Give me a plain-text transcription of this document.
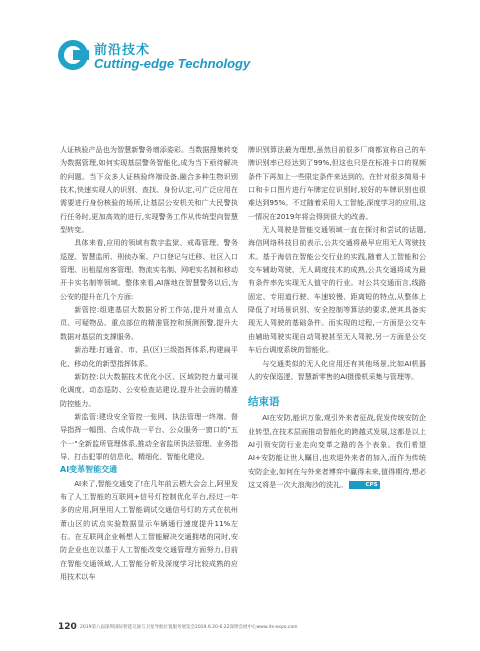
前沿技术
Cutting-edge Technology

人证核验产品也为智慧新警务增添姿彩。当数据搜集转变为数据管理,如何实现基层警务智能化,成为当下亟待解决的问题。当下众多人证核验终端设备,融合多种生物识别技术,快速实现人的识别、查找、身份认定,可广泛应用在需要进行身份核验的场所,让基层公安机关和广大民警执行任务时,更加高效的进行,实现警务工作从传统型向智慧型转变。

具体来看,应用的领域有数字监狱、戒毒管理、警务巡逻、智慧监所、刑侦办案、户口登记与迁移、社区入口管理、出租屋房客管理、物流实名制、网吧实名制和移动开卡实名制等领域。整体来看,AI落地在智慧警务以后,为公安的提升在几个方面:

新管控:组建基层大数据分析工作站,提升对重点人员、可疑物品、重点部位的精准管控和预测预警,提升大数据对基层的支撑服务。

新治理:打通省、市、县(区)三级指挥体系,构建扁平化、移动化的新型指挥体系。

新防控:以大数据技术优化小区、区域防控力量可视化调度、动态巡防、公安检查站建设,提升社会面的精准防控能力。

新监管:建设安全管控一张网、执法管理一终端、督导指挥一幅图、合成作战一平台、公众服务一窗口的"五个一"全新监所管理体系,推动全省监所执法管理、业务指导、打击犯罪的信息化、精细化、智能化建设。

AI变革智能交通

AI来了,智能交通变了!在几年前云栖大会会上,阿里发布了人工智能的互联网+信号灯控制优化平台,经过一年多的应用,阿里用人工智能调试交通信号灯的方式在杭州萧山区的试点实验数据显示车辆通行速度提升11%左右。在互联网企业畅想人工智能解决交通拥堵的同时,安防企业也在以基于人工智能改变交通管理方面努力,目前在智能交通领域,人工智能分析及深度学习比较成熟的应用技术以车

牌识别算法最为理想,虽然目前很多厂商都宣称自己的车牌识别率已经达到了99%,但这也只是在标准卡口的视频条件下再加上一些限定条件来达到的。在针对很多简易卡口和卡口图片进行车牌定位识别时,较好的车牌识别也很难达到95%。不过随着采用人工智能,深度学习的应用,这一情况在2019年将会得到很大的改善。

无人驾驶是智能交通领域一直在探讨和尝试的话题,海信网络科技目前表示,公共交通将最早应用无人驾驶技术。基于海信在智能公交行业的实践,随着人工智能和公交车辅助驾驶、无人调度技术的成熟,公共交通将成为最有条件率先实现无人值守的行业。对公共交通而言,线路固定、专用道行驶、车速较慢、距离短的特点,从整体上降低了对场景识别、安全控制等算法的要求,使其具备实现无人驾驶的基础条件。而实现的过程,一方面是公交车由辅助驾驶实现自动驾驶甚至无人驾驶,另一方面是公交车后台调度系统的智能化。

与交通类似的无人化应用还有其他场景,比如AI机器人的安保巡逻、智慧新零售的AI摄像机采集与管理等。

结束语

AI在安防,能识万象,观引外来者征战,促发传统安防企业转型,在技术层面推动智能化的跨越式发展,这都是以上AI引领安防行业走向变革之路的各个表象。我们希望AI+安防能让世人瞩目,也欢迎外来者的加入,而作为传统安防企业,如何在与外来者博弈中赢得未来,值得期待,想必这又将是一次大浪淘沙的洗礼。	CPS

120 2019第八届深圳国际智能交通与卫星导航位置服务展览会2019.6.20-6.22深圳会展中心www.its-expo.com
